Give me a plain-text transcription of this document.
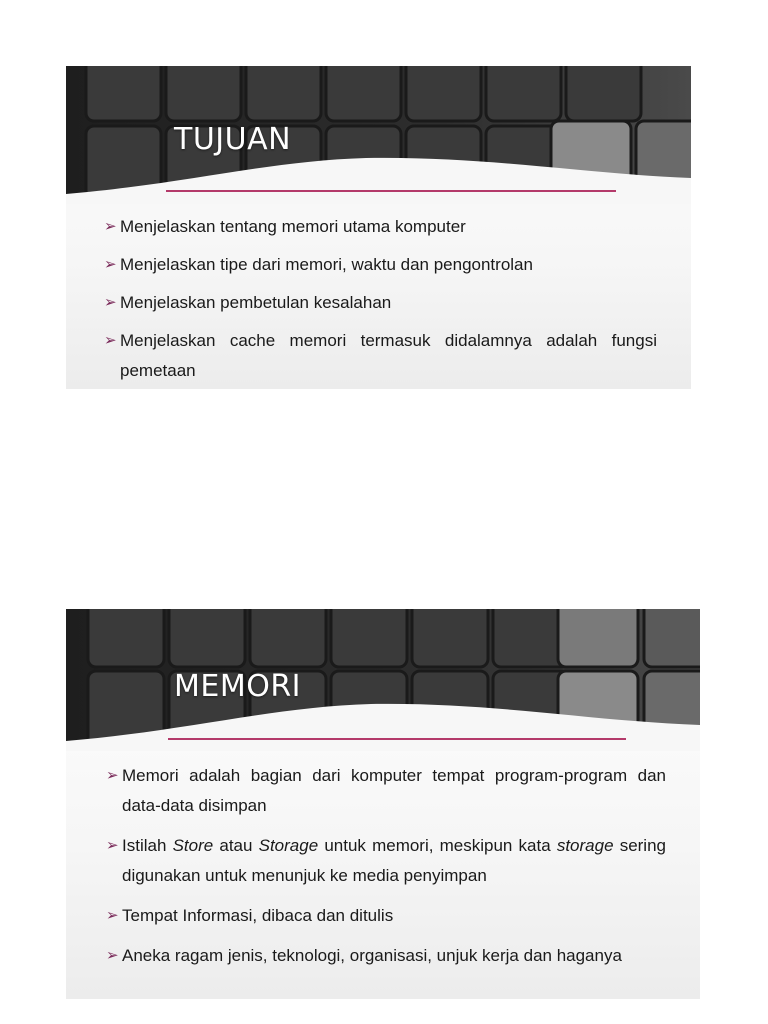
TUJUAN
➢ Menjelaskan tentang memori utama komputer
➢ Menjelaskan tipe dari memori, waktu dan pengontrolan
➢ Menjelaskan pembetulan kesalahan
➢ Menjelaskan cache memori termasuk didalamnya adalah fungsi pemetaan
MEMORI
➢ Memori adalah bagian dari komputer tempat program-program dan data-data disimpan
➢ Istilah Store atau Storage untuk memori, meskipun kata storage sering digunakan untuk menunjuk ke media penyimpan
➢ Tempat Informasi, dibaca dan ditulis
➢ Aneka ragam jenis, teknologi, organisasi, unjuk kerja dan haganya
